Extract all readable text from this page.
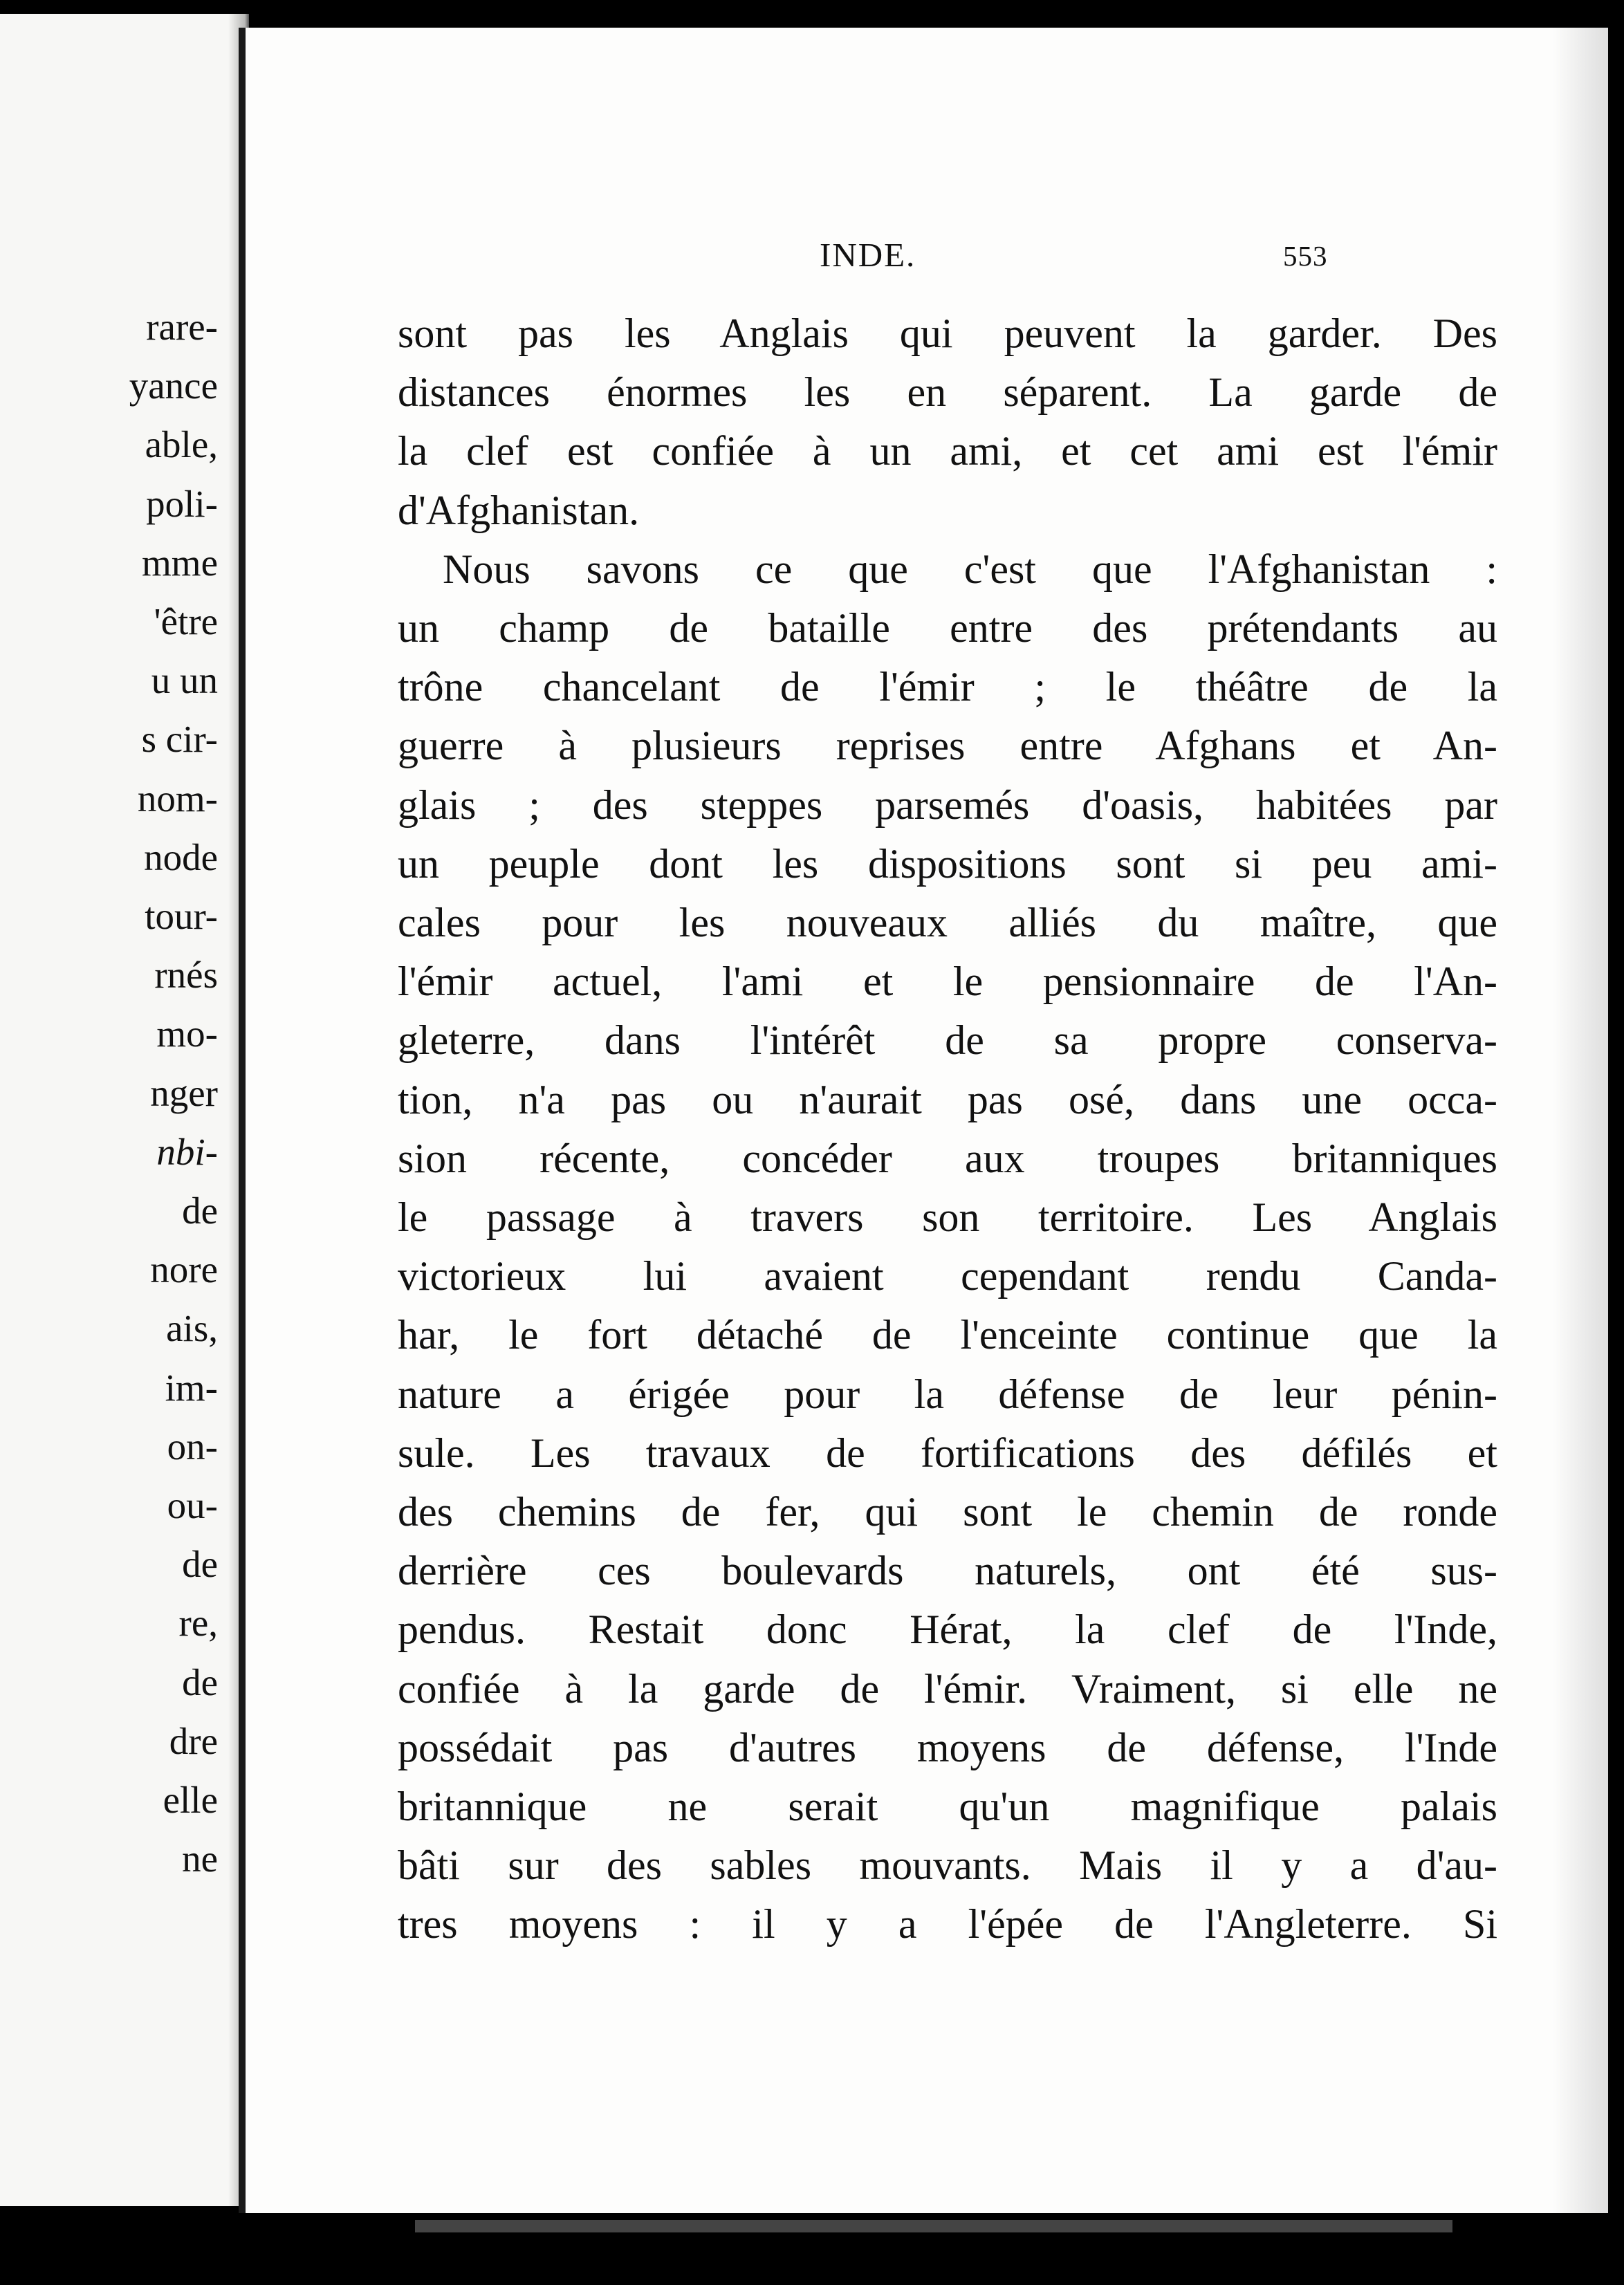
rare-
yance
able,
poli-
mme
'être
u un
s cir-
nom-
node
tour-
rnés
mo-
nger
nbi-
de
nore
ais,
im-
on-
ou-
de
re,
de
dre
elle
ne
INDE.	553
sont pas les Anglais qui peuvent la garder. Des
distances énormes les en séparent. La garde de
la clef est confiée à un ami, et cet ami est l'émir
d'Afghanistan.
Nous savons ce que c'est que l'Afghanistan :
un champ de bataille entre des prétendants au
trône chancelant de l'émir ; le théâtre de la
guerre à plusieurs reprises entre Afghans et An-
glais ; des steppes parsemés d'oasis, habitées par
un peuple dont les dispositions sont si peu ami-
cales pour les nouveaux alliés du maître, que
l'émir actuel, l'ami et le pensionnaire de l'An-
gleterre, dans l'intérêt de sa propre conserva-
tion, n'a pas ou n'aurait pas osé, dans une occa-
sion récente, concéder aux troupes britanniques
le passage à travers son territoire. Les Anglais
victorieux lui avaient cependant rendu Canda-
har, le fort détaché de l'enceinte continue que la
nature a érigée pour la défense de leur pénin-
sule. Les travaux de fortifications des défilés et
des chemins de fer, qui sont le chemin de ronde
derrière ces boulevards naturels, ont été sus-
pendus. Restait donc Hérat, la clef de l'Inde,
confiée à la garde de l'émir. Vraiment, si elle ne
possédait pas d'autres moyens de défense, l'Inde
britannique ne serait qu'un magnifique palais
bâti sur des sables mouvants. Mais il y a d'au-
tres moyens : il y a l'épée de l'Angleterre. Si
